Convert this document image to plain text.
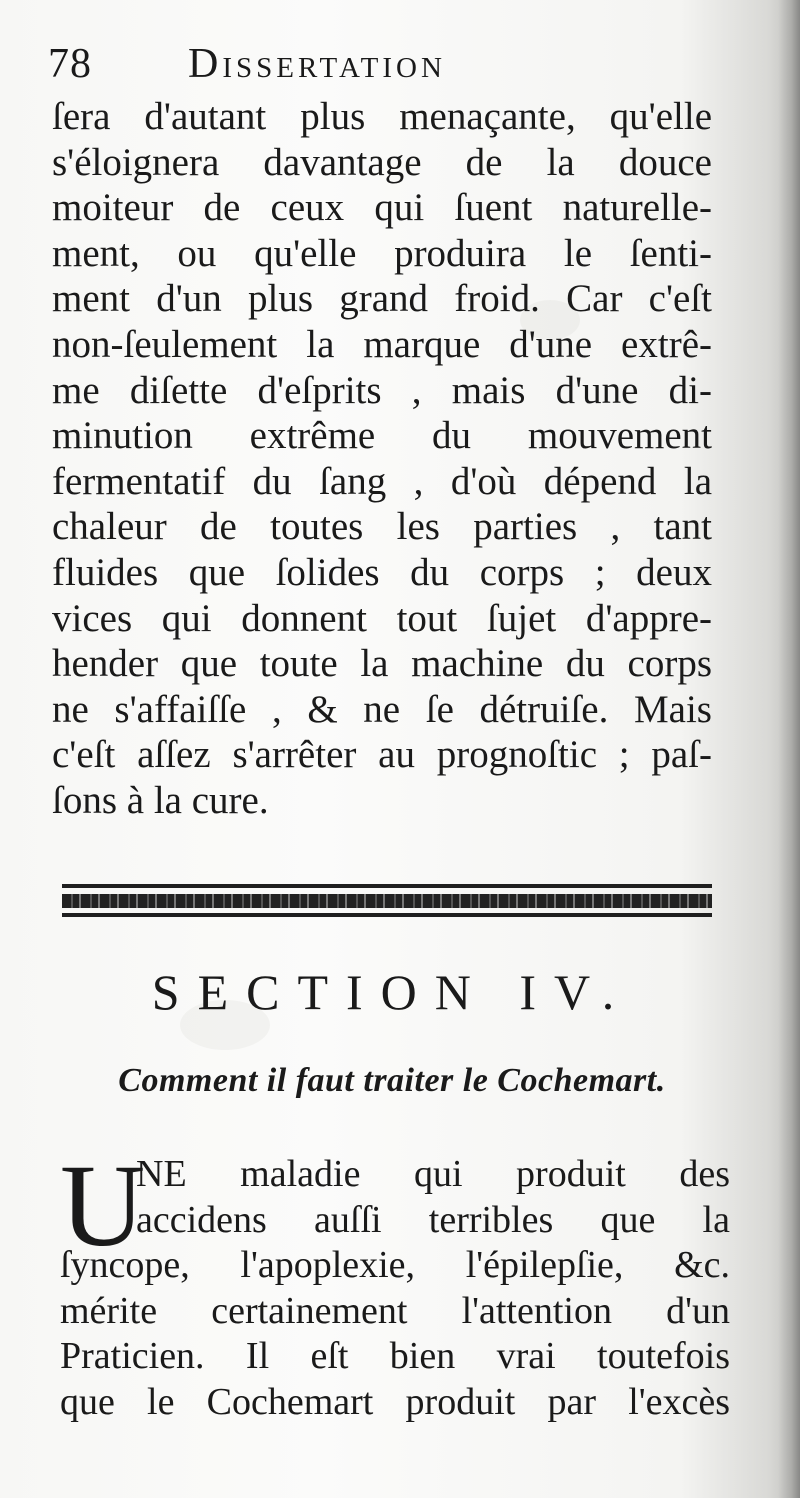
78 Dissertation
ſera d'autant plus menaçante, qu'elle
s'éloignera davantage de la douce
moiteur de ceux qui ſuent naturelle-
ment, ou qu'elle produira le ſenti-
ment d'un plus grand froid. Car c'eſt
non-ſeulement la marque d'une extrê-
me diſette d'eſprits , mais d'une di-
minution extrême du mouvement
fermentatif du ſang , d'où dépend la
chaleur de toutes les parties , tant
fluides que ſolides du corps ; deux
vices qui donnent tout ſujet d'appre-
hender que toute la machine du corps
ne s'affaiſſe , & ne ſe détruiſe. Mais
c'eſt aſſez s'arrêter au prognoſtic ; paſ-
ſons à la cure.
SECTION IV.
Comment il faut traiter le Cochemart.
U
NE maladie qui produit des
accidens auſſi terribles que la
ſyncope, l'apoplexie, l'épilepſie, &c.
mérite certainement l'attention d'un
Praticien. Il eſt bien vrai toutefois
que le Cochemart produit par l'excès
